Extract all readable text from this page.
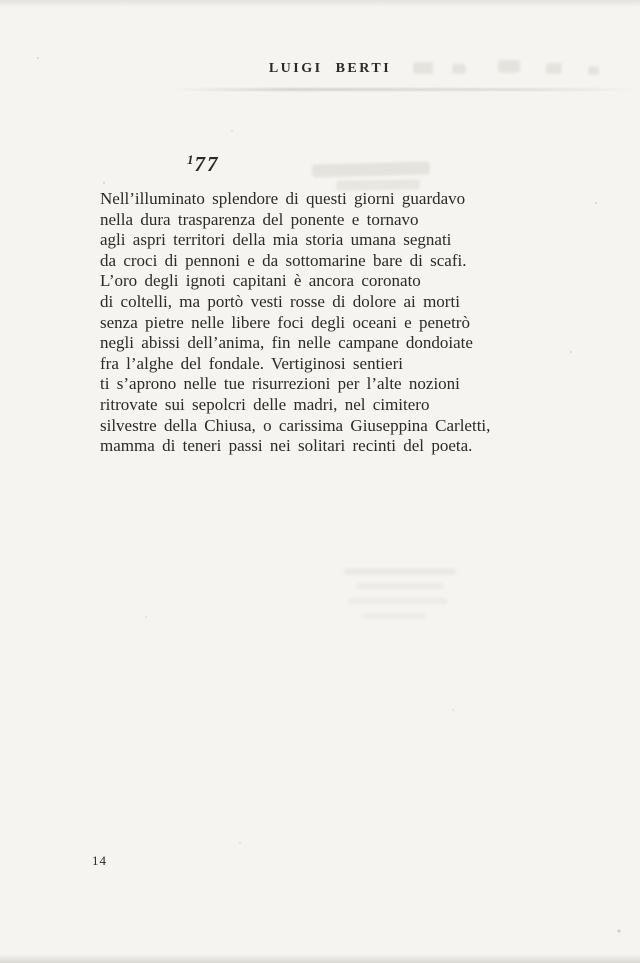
LUIGI BERTI
$^1$77
Nell’illuminato splendore di questi giorni guardavo
nella dura trasparenza del ponente e tornavo
agli aspri territori della mia storia umana segnati
da croci di pennoni e da sottomarine bare di scafi.
L’oro degli ignoti capitani è ancora coronato
di coltelli, ma portò vesti rosse di dolore ai morti
senza pietre nelle libere foci degli oceani e penetrò
negli abissi dell’anima, fin nelle campane dondoiate
fra l’alghe del fondale. Vertiginosi sentieri
ti s’aprono nelle tue risurrezioni per l’alte nozioni
ritrovate sui sepolcri delle madri, nel cimitero
silvestre della Chiusa, o carissima Giuseppina Carletti,
mamma di teneri passi nei solitari recinti del poeta.
14
